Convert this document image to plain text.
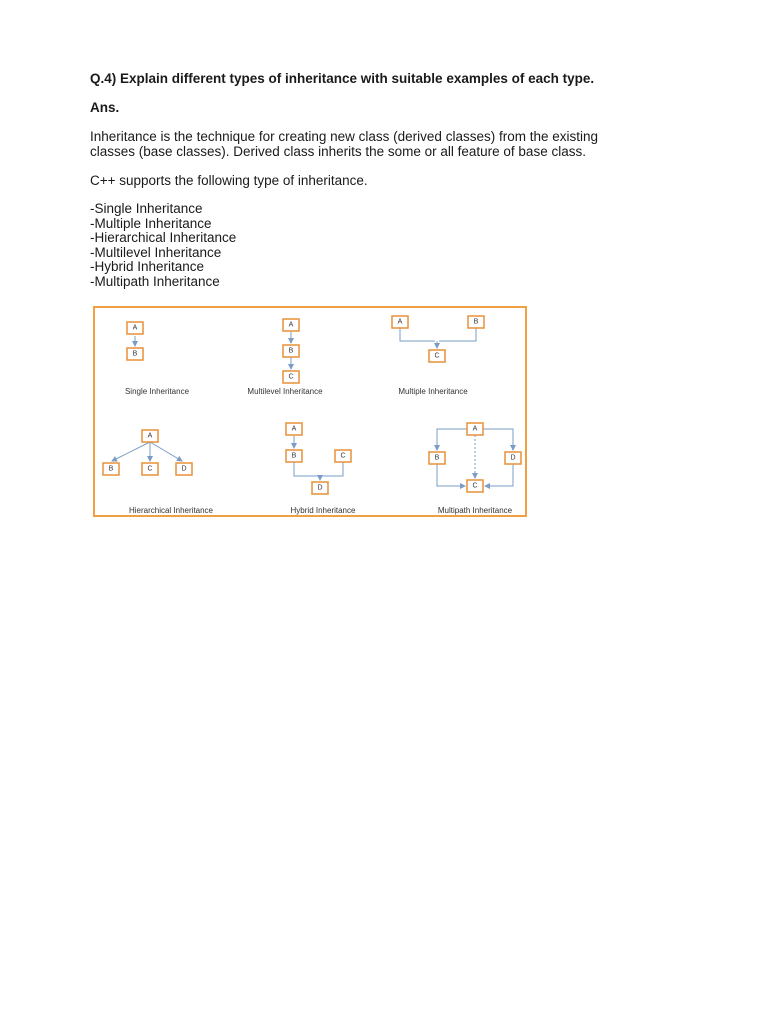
Q.4) Explain different types of inheritance with suitable examples of each type.
Ans.
Inheritance is the technique for creating new class (derived classes) from the existing
classes (base classes). Derived class inherits the some or all feature of base class.
C++ supports the following type of inheritance.
-Single Inheritance
-Multiple Inheritance
-Hierarchical Inheritance
-Multilevel Inheritance
-Hybrid Inheritance
-Multipath Inheritance
A
B
Single Inheritance
A
B
C
Multilevel Inheritance
A	B
C
Multiple Inheritance
A
B	C	D
Hierarchical Inheritance
A
B	C
D
Hybrid Inheritance
A
B	D
C
Multipath Inheritance
